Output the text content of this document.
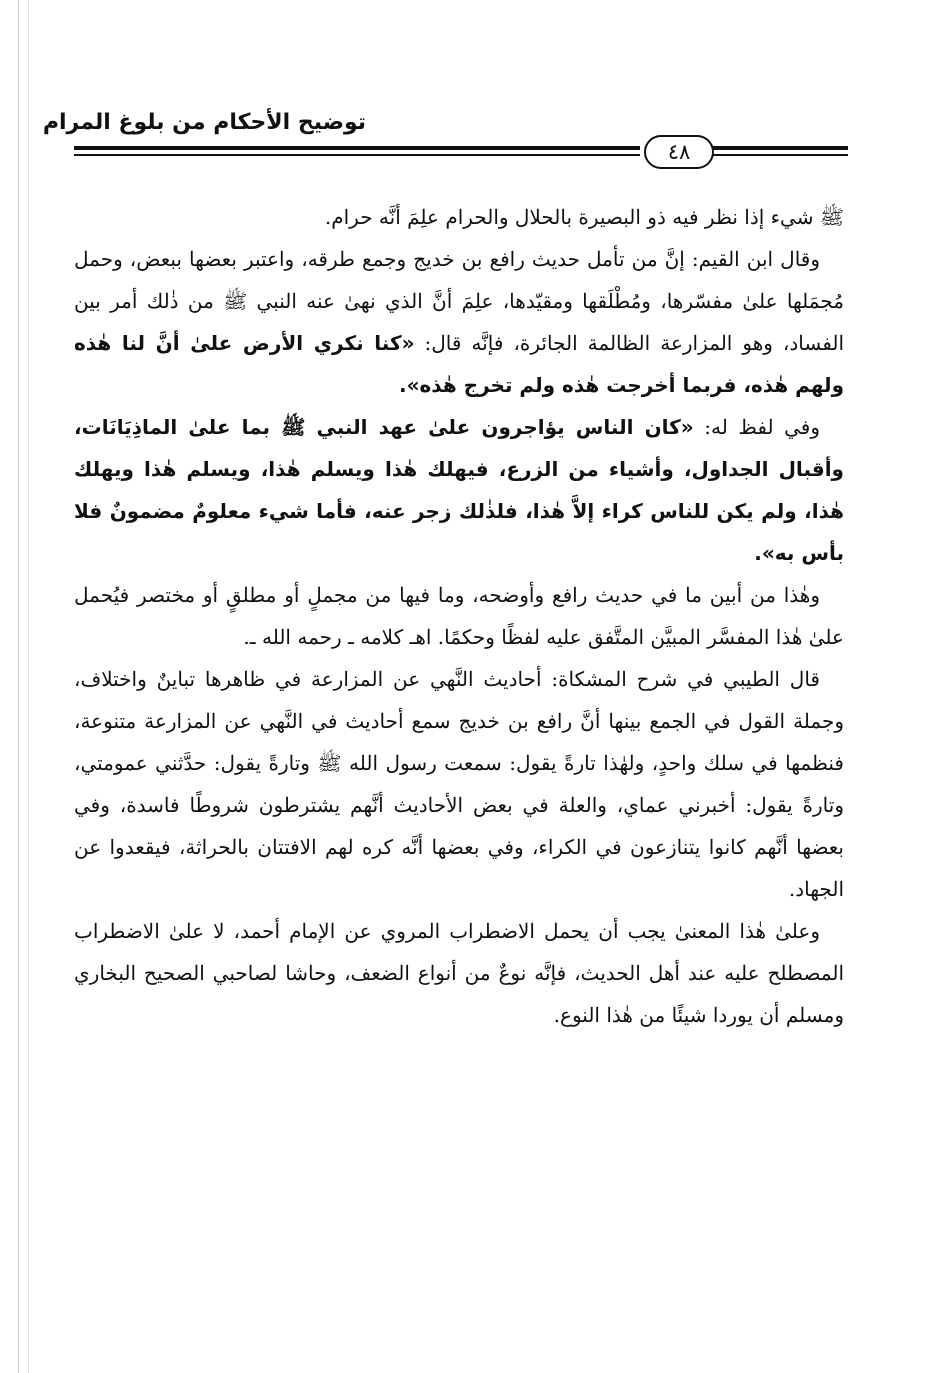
توضيح الأحكام من بلوغ المرام
٤٨

ﷺ شيء إذا نظر فيه ذو البصيرة بالحلال والحرام علِمَ أنَّه حرام.

وقال ابن القيم: إنَّ من تأمل حديث رافع بن خديج وجمع طرقه، واعتبر بعضها ببعض، وحمل مُجمَلها علىٰ مفسّرها، ومُطْلَقها ومقيّدها، علِمَ أنَّ الذي نهىٰ عنه النبي ﷺ من ذٰلك أمر بين الفساد، وهو المزارعة الظالمة الجائرة، فإنَّه قال: «كنا نكري الأرض علىٰ أنَّ لنا هٰذه ولهم هٰذه، فربما أخرجت هٰذه ولم تخرج هٰذه».

وفي لفظ له: «كان الناس يؤاجرون علىٰ عهد النبي ﷺ بما علىٰ الماذِيَانَات، وأقبال الجداول، وأشياء من الزرع، فيهلك هٰذا ويسلم هٰذا، ويسلم هٰذا ويهلك هٰذا، ولم يكن للناس كراء إلاَّ هٰذا، فلذٰلك زجر عنه، فأما شيء معلومٌ مضمونٌ فلا بأس به».

وهٰذا من أبين ما في حديث رافع وأوضحه، وما فيها من مجملٍ أو مطلقٍ أو مختصر فيُحمل علىٰ هٰذا المفسَّر المبيَّن المتَّفق عليه لفظًا وحكمًا. اهـ كلامه ـ رحمه الله ـ.

قال الطيبي في شرح المشكاة: أحاديث النَّهي عن المزارعة في ظاهرها تباينٌ واختلاف، وجملة القول في الجمع بينها أنَّ رافع بن خديج سمع أحاديث في النَّهي عن المزارعة متنوعة، فنظمها في سلك واحدٍ، ولهٰذا تارةً يقول: سمعت رسول الله ﷺ وتارةً يقول: حدَّثني عمومتي، وتارةً يقول: أخبرني عماي، والعلة في بعض الأحاديث أنَّهم يشترطون شروطًا فاسدة، وفي بعضها أنَّهم كانوا يتنازعون في الكراء، وفي بعضها أنَّه كره لهم الافتتان بالحراثة، فيقعدوا عن الجهاد.

وعلىٰ هٰذا المعنىٰ يجب أن يحمل الاضطراب المروي عن الإمام أحمد، لا علىٰ الاضطراب المصطلح عليه عند أهل الحديث، فإنَّه نوعٌ من أنواع الضعف، وحاشا لصاحبي الصحيح البخاري ومسلم أن يوردا شيئًا من هٰذا النوع.
